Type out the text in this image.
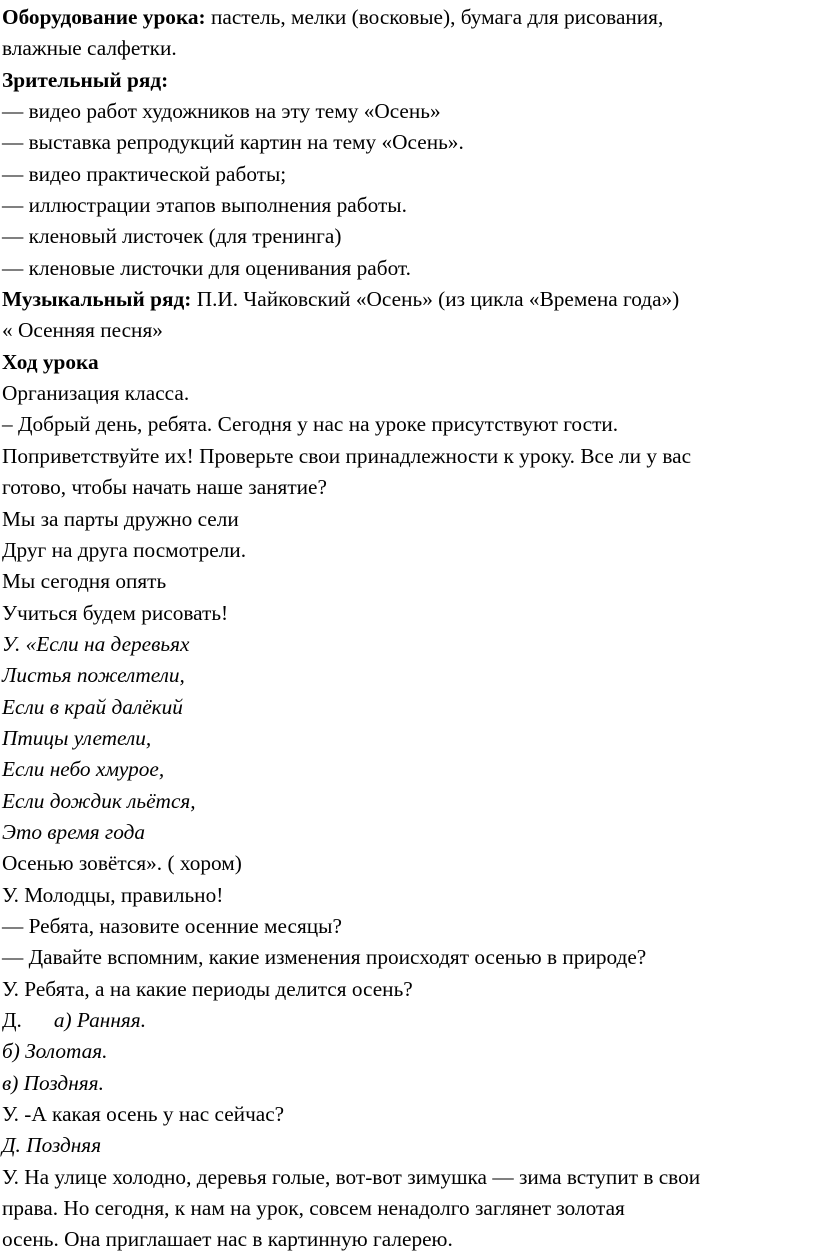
Оборудование урока: пастель, мелки (восковые), бумага для рисования,

влажные салфетки.

Зрительный ряд:

— видео работ художников на эту тему «Осень»

— выставка репродукций картин на тему «Осень».

— видео практической работы;

— иллюстрации этапов выполнения работы.

— кленовый листочек (для тренинга)

— кленовые листочки для оценивания работ.

Музыкальный ряд: П.И. Чайковский «Осень» (из цикла «Времена года»)

« Осенняя песня»

Ход урока

Организация класса.

– Добрый день, ребята. Сегодня у нас на уроке присутствуют гости.

Поприветствуйте их! Проверьте свои принадлежности к уроку. Все ли у вас

готово, чтобы начать наше занятие?

Мы за парты дружно сели

Друг на друга посмотрели.

Мы сегодня опять

Учиться будем рисовать!

У. «Если на деревьях

Листья пожелтели,

Если в край далёкий

Птицы улетели,

Если небо хмурое,

Если дождик льётся,

Это время года

Осенью зовётся». ( хором)

У. Молодцы, правильно!

— Ребята, назовите осенние месяцы?

— Давайте вспомним, какие изменения происходят осенью в природе?

У. Ребята, а на какие периоды делится осень?

Д. а) Ранняя.

б) Золотая.

в) Поздняя.

У. -А какая осень у нас сейчас?

Д. Поздняя

У. На улице холодно, деревья голые, вот-вот зимушка — зима вступит в свои

права. Но сегодня, к нам на урок, совсем ненадолго заглянет золотая

осень. Она приглашает нас в картинную галерею.
